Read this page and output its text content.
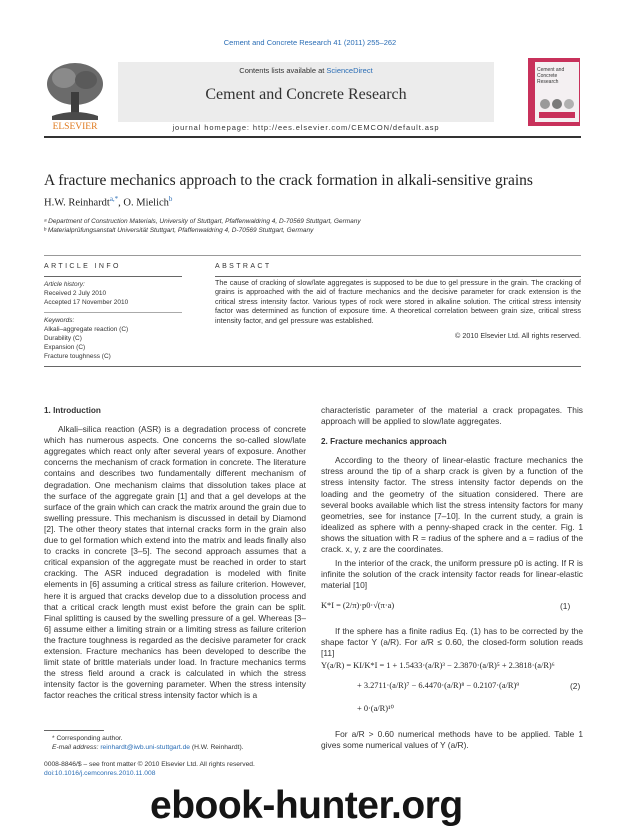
Cement and Concrete Research 41 (2011) 255–262
ELSEVIER
Contents lists available at ScienceDirect
Cement and Concrete Research
journal homepage: http://ees.elsevier.com/CEMCON/default.asp
Cement and Concrete Research
A fracture mechanics approach to the crack formation in alkali-sensitive grains
H.W. Reinhardt$^{a,*}$, O. Mielich$^b$
ᵃ Department of Construction Materials, University of Stuttgart, Pfaffenwaldring 4, D-70569 Stuttgart, Germany
ᵇ Materialprüfungsanstalt Universität Stuttgart, Pfaffenwaldring 4, D-70569 Stuttgart, Germany
ARTICLE INFO
Article history:
Received 2 July 2010
Accepted 17 November 2010
Keywords:
Alkali–aggregate reaction (C)
Durability (C)
Expansion (C)
Fracture toughness (C)
ABSTRACT
The cause of cracking of slow/late aggregates is supposed to be due to gel pressure in the grain. The cracking of grains is approached with the aid of fracture mechanics and the decisive parameter for crack extension is the critical stress intensity factor. Various types of rock were stored in alkaline solution. The critical stress intensity factor was determined as function of exposure time. A theoretical correlation between grain size, critical stress intensity factor, and gel pressure was established.
© 2010 Elsevier Ltd. All rights reserved.
1. Introduction

Alkali–silica reaction (ASR) is a degradation process of concrete which has numerous aspects. One concerns the so-called slow/late aggregates which react only after several years of exposure. Another concerns the mechanism of crack formation in concrete. The literature contains and describes two fundamentally different mechanism of degradation. One mechanism claims that dissolution takes place at the surface of the aggregate grain [1] and that a gel develops at the surface of the grain which can crack the matrix around the grain due to swelling pressure. This mechanism is discussed in detail by Diamond [2]. The other theory states that internal cracks form in the grain also due to gel formation which extend into the matrix and leads finally also to cracks in concrete [3–5]. The second approach assumes that a critical expansion of the aggregate must be reached in order to start cracking. The ASR induced degradation is modeled with finite elements in [6] assuming a critical stress as failure criterion. However, here it is argued that cracks develop due to a dissolution process and that a critical crack length must exist before the grain can be split. Final splitting is caused by the swelling pressure of a gel. Whereas [3–6] assume either a limiting strain or a limiting stress as failure criterion the fracture toughness is regarded as the decisive parameter for crack extension. Fracture mechanics has been developed to describe the limit state of brittle materials under load. In fracture mechanics terms the stress field around a crack is calculated in which the stress intensity factor is the governing parameter. When the stress intensity factor reaches the critical stress intensity factor which is a

characteristic parameter of the material a crack propagates. This approach will be applied to slow/late aggregates.

2. Fracture mechanics approach

According to the theory of linear-elastic fracture mechanics the stress around the tip of a sharp crack is given by a function of the stress intensity factor. The stress intensity factor depends on the loading and the geometry of the situation considered. There are several books available which list the stress intensity factors for many geometries, see for instance [7–10]. In the current study, a grain is idealized as sphere with a penny-shaped crack in the center. Fig. 1 shows the situation with R = radius of the sphere and a = radius of the crack. x, y, z are the coordinates.

In the interior of the crack, the uniform pressure p0 is acting. If R is infinite the solution of the crack intensity factor reads for linear-elastic material [10]

K*I = (2/π)·p0·√(π·a)	(1)

If the sphere has a finite radius Eq. (1) has to be corrected by the shape factor Y (a/R). For a/R ≤ 0.60, the closed-form solution reads [11]

Y(a/R) = KI/K*I = 1 + 1.5433·(a/R)³ − 2.3870·(a/R)⁵ + 2.3818·(a/R)⁶
+ 3.2711·(a/R)⁷ − 6.4470·(a/R)⁸ − 0.2107·(a/R)⁹	(2)
+ 0·(a/R)¹⁰

For a/R > 0.60 numerical methods have to be applied. Table 1 gives some numerical values of Y (a/R).

* Corresponding author.
E-mail address: reinhardt@iwb.uni-stuttgart.de (H.W. Reinhardt).
0008-8846/$ – see front matter © 2010 Elsevier Ltd. All rights reserved.
doi:10.1016/j.cemconres.2010.11.008
ebook-hunter.org
